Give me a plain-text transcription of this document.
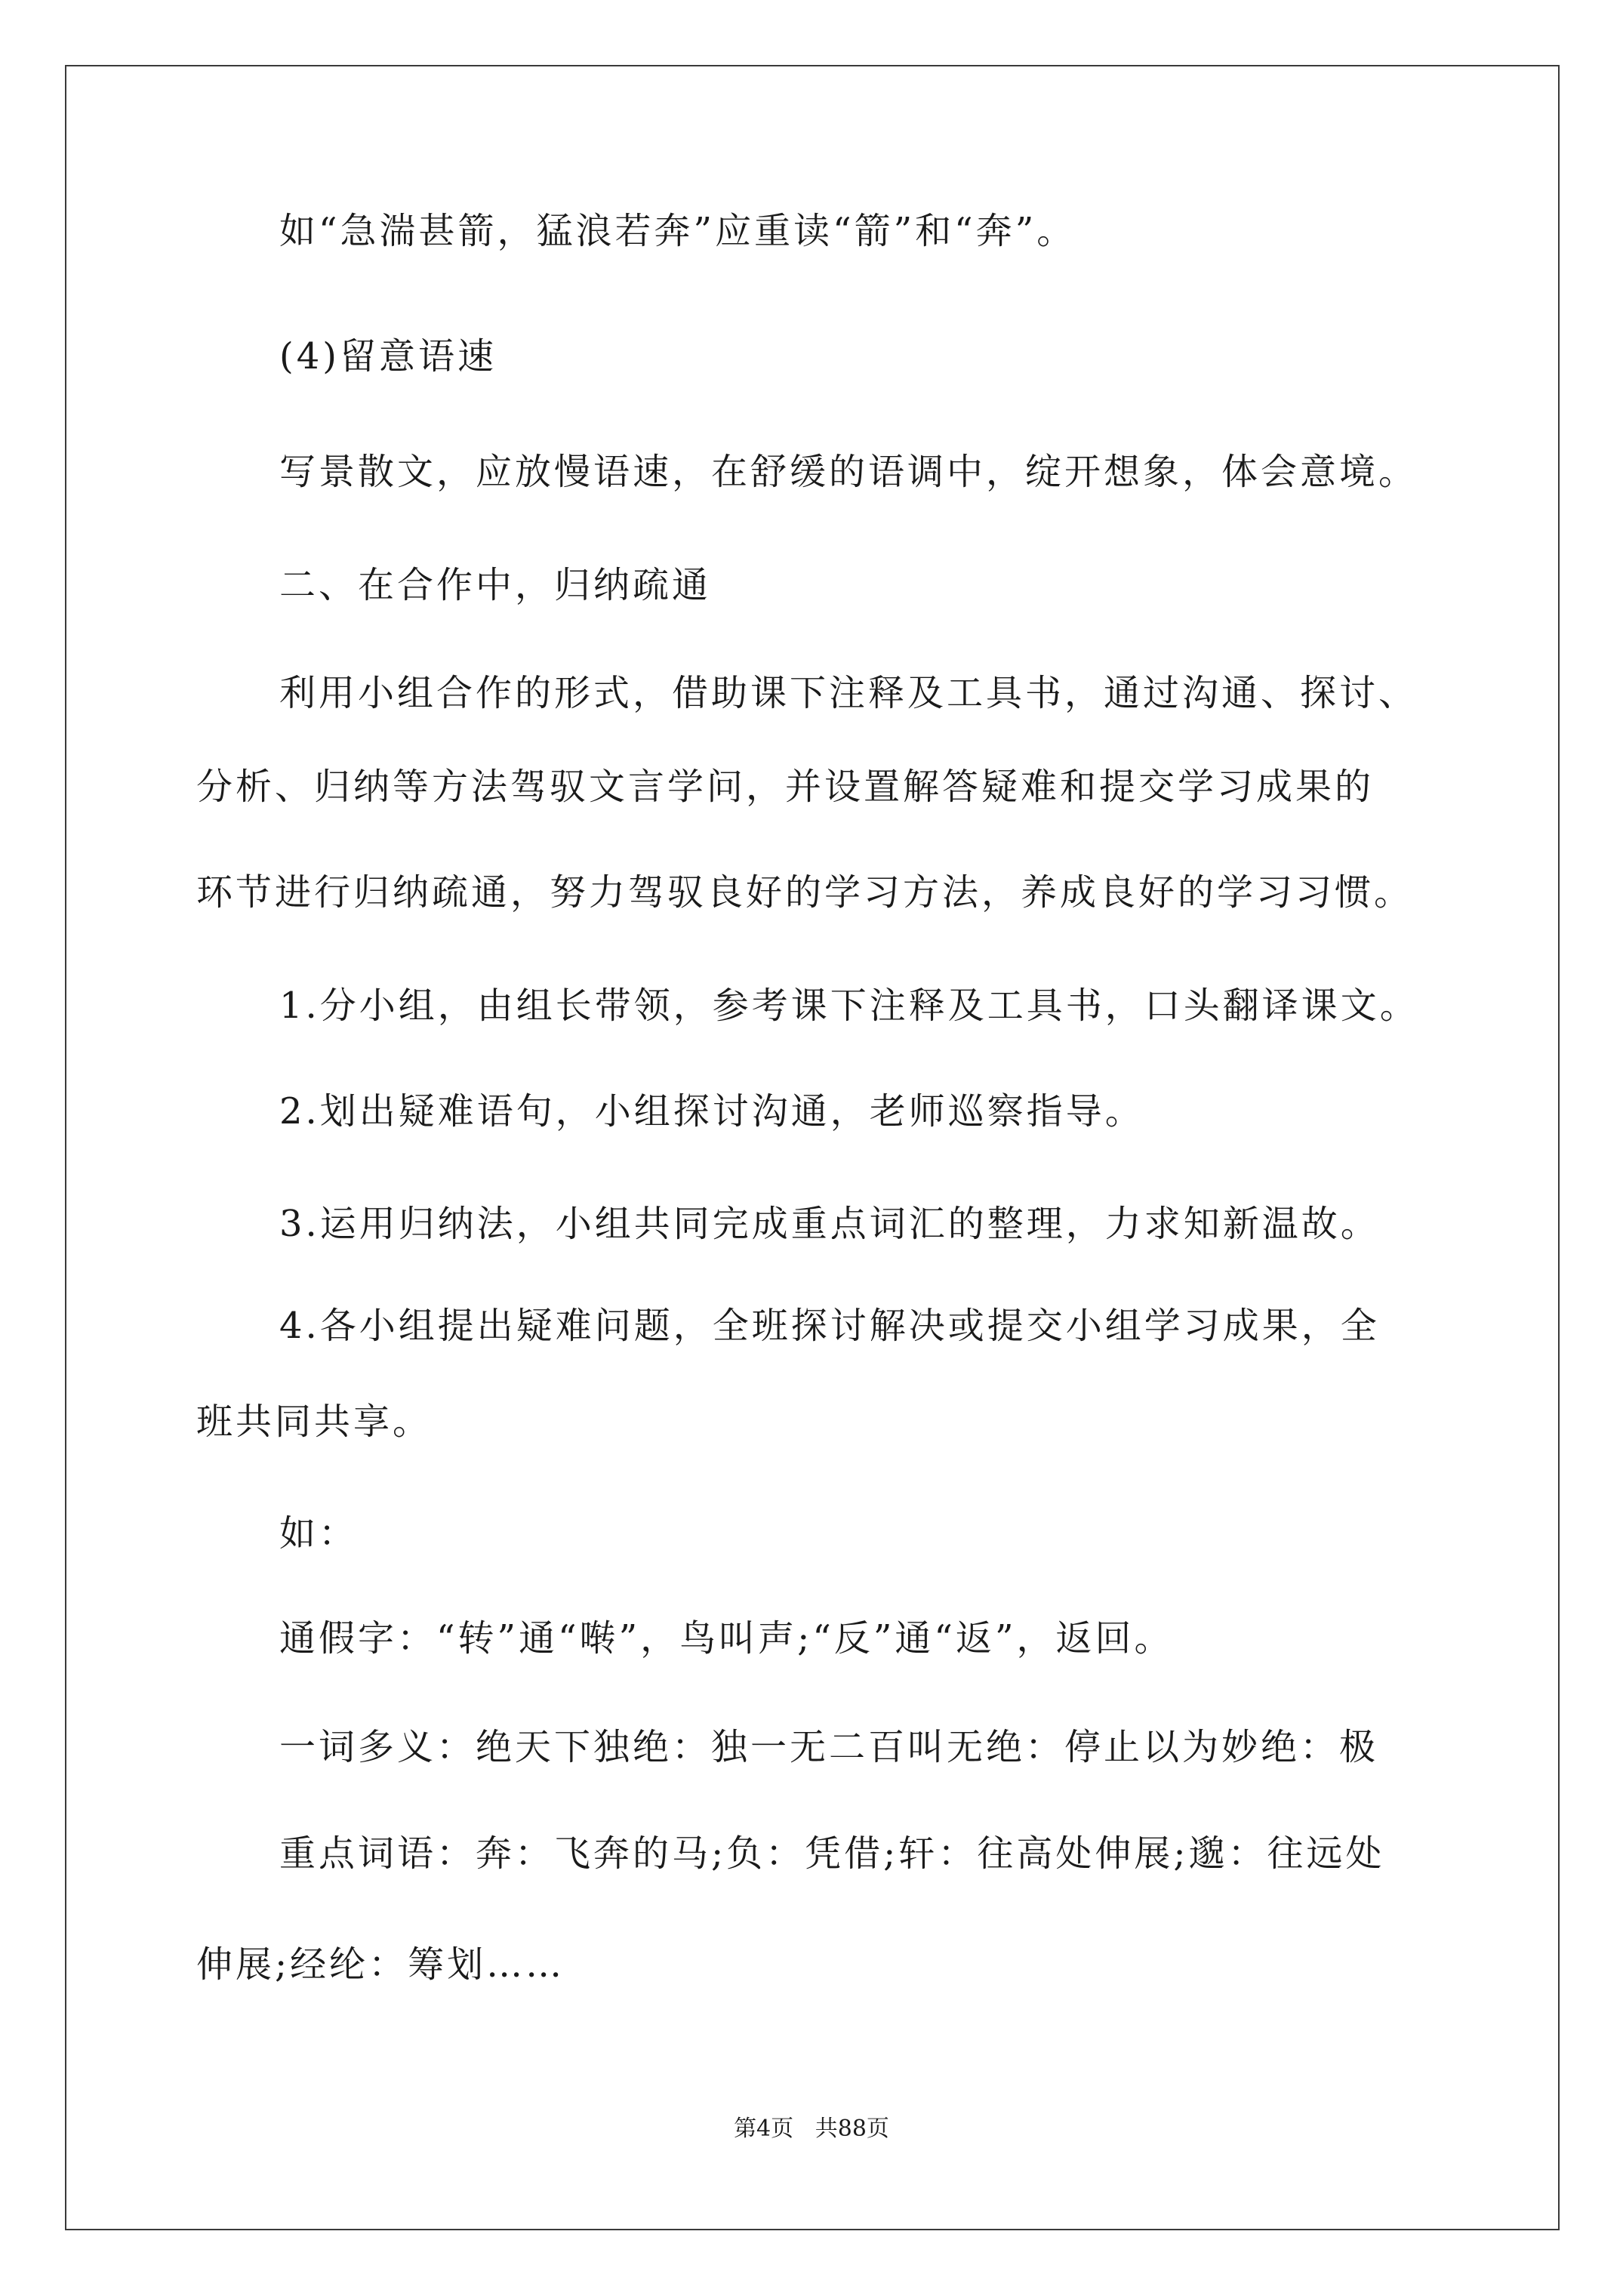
如“急湍甚箭，猛浪若奔”应重读“箭”和“奔”。
(4)留意语速
写景散文，应放慢语速，在舒缓的语调中，绽开想象，体会意境。
二、在合作中，归纳疏通
利用小组合作的形式，借助课下注释及工具书，通过沟通、探讨、
分析、归纳等方法驾驭文言学问，并设置解答疑难和提交学习成果的
环节进行归纳疏通，努力驾驭良好的学习方法，养成良好的学习习惯。
1.分小组，由组长带领，参考课下注释及工具书，口头翻译课文。
2.划出疑难语句，小组探讨沟通，老师巡察指导。
3.运用归纳法，小组共同完成重点词汇的整理，力求知新温故。
4.各小组提出疑难问题，全班探讨解决或提交小组学习成果，全
班共同共享。
如：
通假字：“转”通“啭”，鸟叫声;“反”通“返”，返回。
一词多义：绝天下独绝：独一无二百叫无绝：停止以为妙绝：极
重点词语：奔：飞奔的马;负：凭借;轩：往高处伸展;邈：往远处
伸展;经纶：筹划……
第4页   共88页
